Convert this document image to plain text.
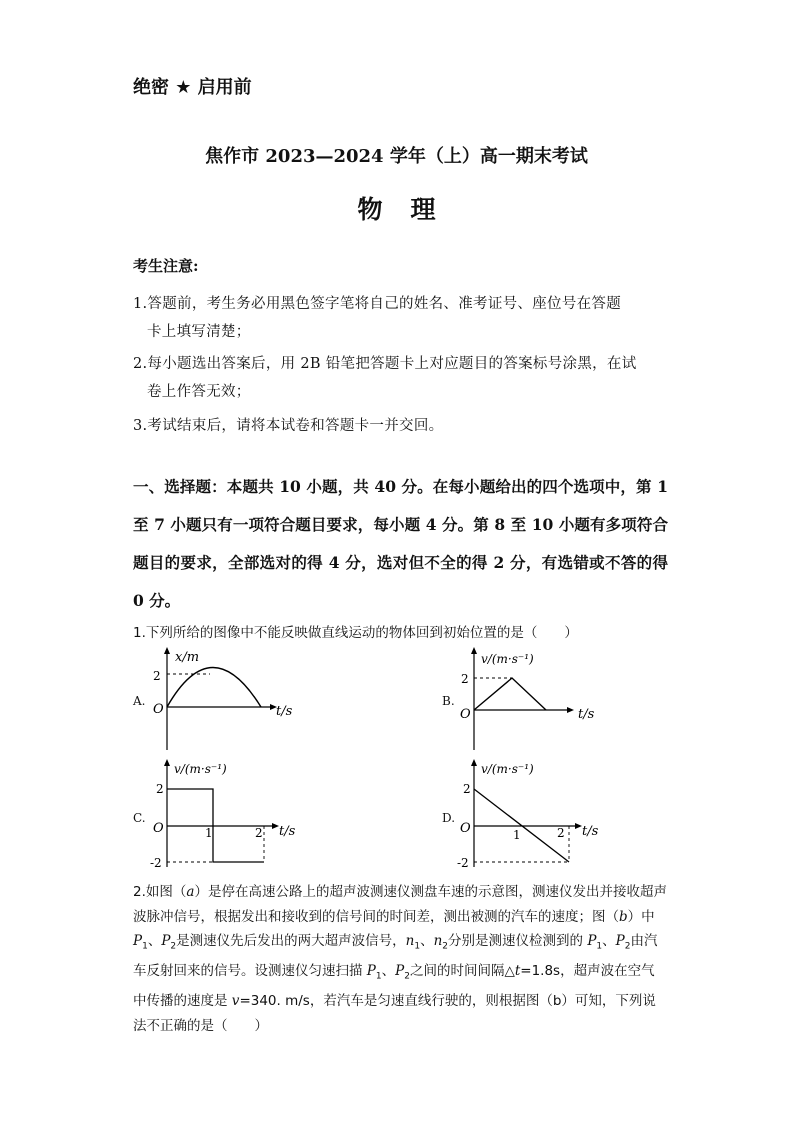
绝密 ★ 启用前
焦作市 2023—2024 学年（上）高一期末考试
物理
考生注意:
1.答题前，考生务必用黑色签字笔将自己的姓名、准考证号、座位号在答题
卡上填写清楚；
2.每小题选出答案后，用 2B 铅笔把答题卡上对应题目的答案标号涂黑，在试
卷上作答无效；
3.考试结束后，请将本试卷和答题卡一并交回。
一、选择题：本题共 10 小题，共 40 分。在每小题给出的四个选项中，第 1 至 7 小题只有一项符合题目要求，每小题 4 分。第 8 至 10 小题有多项符合题目的要求，全部选对的得 4 分，选对但不全的得 2 分，有选错或不答的得 0 分。
1.下列所给的图像中不能反映做直线运动的物体回到初始位置的是（　　）
A.
x/m
t/s
O
2
B.
v/(m·s⁻¹)
t/s
O
2
C.
v/(m·s⁻¹)
t/s
O
2
-2
1	2
D.
v/(m·s⁻¹)
t/s
O
2
-2
1	2
2.如图（a）是停在高速公路上的超声波测速仪测盘车速的示意图，测速仪发出并接收超声波脉冲信号，根据发出和接收到的信号间的时间差，测出被测的汽车的速度；图（b）中 $P_1$、$P_2$是测速仪先后发出的两大超声波信号，$n_1$、$n_2$分别是测速仪检测到的 $P_1$、$P_2$由汽车反射回来的信号。设测速仪匀速扫描 $P_1$、$P_2$之间的时间间隔△t=1.8s，超声波在空气中传播的速度是 v=340. m/s，若汽车是匀速直线行驶的，则根据图（b）可知，下列说法不正确的是（　　）
